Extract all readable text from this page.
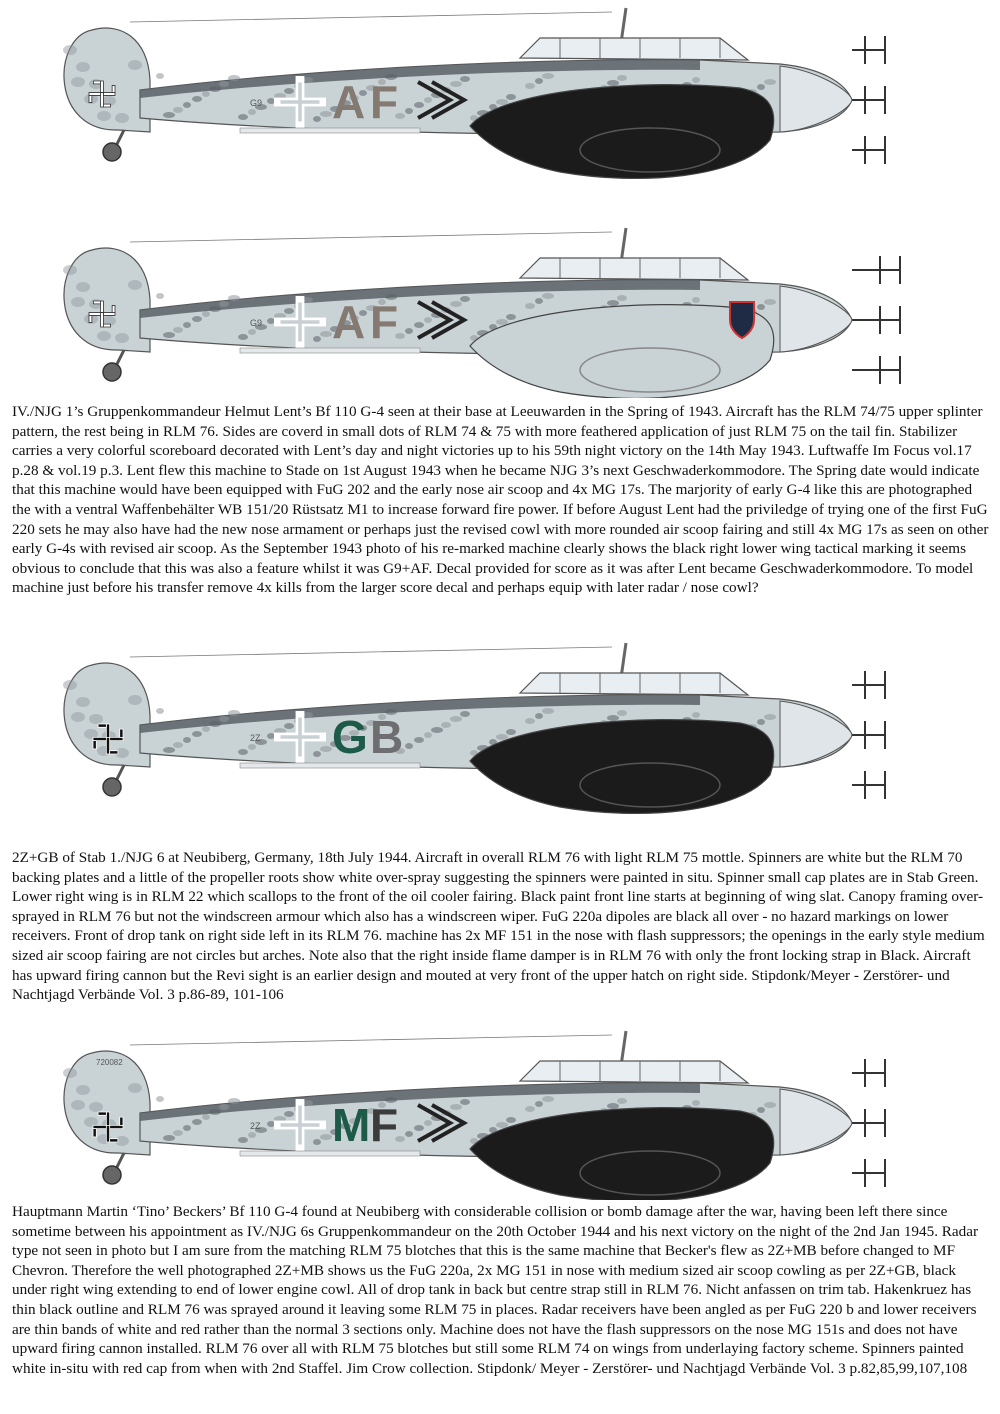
A F
G9
A F
G9

IV./NJG 1’s Gruppenkommandeur Helmut Lent’s Bf 110 G-4 seen at their base at Leeuwarden in the Spring of 1943. Aircraft has the RLM 74/75 upper splinter pattern, the rest being in RLM 76. Sides are coverd in small dots of RLM 74 & 75 with more feathered application of just RLM 75 on the tail fin. Stabilizer carries a very colorful scoreboard decorated with Lent’s day and night victories up to his 59th night victory on the 14th May 1943. Luftwaffe Im Focus vol.17 p.28 & vol.19 p.3. Lent flew this machine to Stade on 1st August 1943 when he became NJG 3’s next Geschwaderkommodore. The Spring date would indicate that this machine would have been equipped with FuG 202 and the early nose air scoop and 4x MG 17s. The marjority of early G-4 like this are photographed the with a ventral Waffenbehälter WB 151/20 Rüstsatz M1 to increase forward fire power. If before August Lent had the priviledge of trying one of the first FuG 220 sets he may also have had the new nose armament or perhaps just the revised cowl with more rounded air scoop fairing and still 4x MG 17s as seen on other early G-4s with revised air scoop. As the September 1943 photo of his re-marked machine clearly shows the black right lower wing tactical marking it seems obvious to conclude that this was also a feature whilst it was G9+AF. Decal provided for score as it was after Lent became Geschwaderkommodore. To model machine just before his transfer remove 4x kills from the larger score decal and perhaps equip with later radar / nose cowl?

G B
2Z

2Z+GB of Stab 1./NJG 6 at Neubiberg, Germany, 18th July 1944. Aircraft in overall RLM 76 with light RLM 75 mottle. Spinners are white but the RLM 70 backing plates and a little of the propeller roots show white over-spray suggesting the spinners were painted in situ. Spinner small cap plates are in Stab Green. Lower right wing is in RLM 22 which scallops to the front of the oil cooler fairing. Black paint front line starts at beginning of wing slat. Canopy framing over-sprayed in RLM 76 but not the windscreen armour which also has a windscreen wiper. FuG 220a dipoles are black all over - no hazard markings on lower receivers. Front of drop tank on right side left in its RLM 76. machine has 2x MF 151 in the nose with flash suppressors; the openings in the early style medium sized air scoop fairing are not circles but arches. Note also that the right inside flame damper is in RLM 76 with only the front locking strap in Black. Aircraft has upward firing cannon but the Revi sight is an earlier design and mouted at very front of the upper hatch on right side. Stipdonk/Meyer - Zerstörer- und Nachtjagd Verbände Vol. 3 p.86-89, 101-106

720082
M F
2Z

Hauptmann Martin ‘Tino’ Beckers’ Bf 110 G-4 found at Neubiberg with considerable collision or bomb damage after the war, having been left there since sometime between his appointment as IV./NJG 6s Gruppenkommandeur on the 20th October 1944 and his next victory on the night of the 2nd Jan 1945. Radar type not seen in photo but I am sure from the matching RLM 75 blotches that this is the same machine that Becker's flew as 2Z+MB before changed to MF Chevron. Therefore the well photographed 2Z+MB shows us the FuG 220a, 2x MG 151 in nose with medium sized air scoop cowling as per 2Z+GB, black under right wing extending to end of lower engine cowl. All of drop tank in back but centre strap still in RLM 76. Nicht anfassen on trim tab. Hakenkruez has thin black outline and RLM 76 was sprayed around it leaving some RLM 75 in places. Radar receivers have been angled as per FuG 220 b and lower receivers are thin bands of white and red rather than the normal 3 sections only. Machine does not have the flash suppressors on the nose MG 151s and does not have upward firing cannon installed. RLM 76 over all with RLM 75 blotches but still some RLM 74 on wings from underlaying factory scheme. Spinners painted white in-situ with red cap from when with 2nd Staffel. Jim Crow collection. Stipdonk/ Meyer - Zerstörer- und Nachtjagd Verbände Vol. 3 p.82,85,99,107,108
